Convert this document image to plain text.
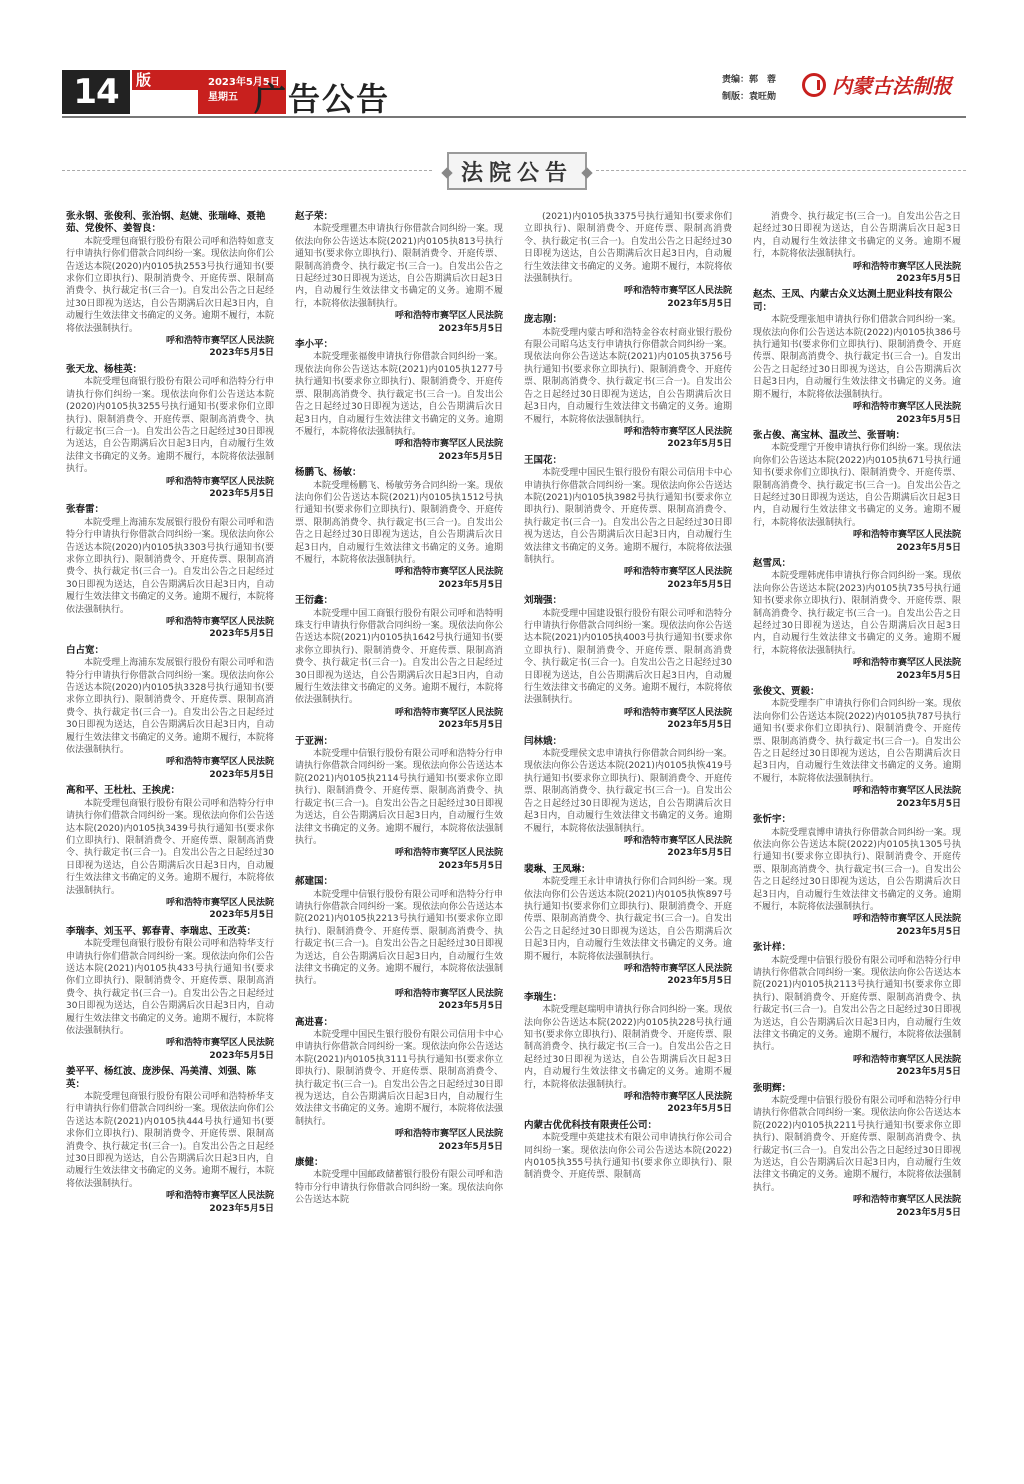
14 版	2023年5月5日
星期五 广告公告	责编：郭　蓉
制版：袁旺勋	内蒙古法制报
法院公告
张永钢、张俊利、张治钢、赵婕、张瑞峰、聂艳茹、党俊怀、姜智良：
本院受理包商银行股份有限公司呼和浩特如意支行申请执行你们借款合同纠纷一案。现依法向你们公告送达本院(2020)内0105执2553号执行通知书(要求你们立即执行)、限制消费令、开庭传票、限制高消费令、执行裁定书(三合一)。自发出公告之日起经过30日即视为送达，自公告期满后次日起3日内，自动履行生效法律文书确定的义务。逾期不履行，本院将依法强制执行。
呼和浩特市赛罕区人民法院
2023年5月5日
张天龙、杨桂英：
本院受理包商银行股份有限公司呼和浩特分行申请执行你们纠纷一案。现依法向你们公告送达本院(2020)内0105执3255号执行通知书(要求你们立即执行)、限制消费令、开庭传票、限制高消费令、执行裁定书(三合一)。自发出公告之日起经过30日即视为送达，自公告期满后次日起3日内，自动履行生效法律文书确定的义务。逾期不履行，本院将依法强制执行。
呼和浩特市赛罕区人民法院
2023年5月5日
张春雷：
本院受理上海浦东发展银行股份有限公司呼和浩特分行申请执行你借款合同纠纷一案。现依法向你公告送达本院(2020)内0105执3303号执行通知书(要求你立即执行)、限制消费令、开庭传票、限制高消费令、执行裁定书(三合一)。自发出公告之日起经过30日即视为送达，自公告期满后次日起3日内，自动履行生效法律文书确定的义务。逾期不履行，本院将依法强制执行。
呼和浩特市赛罕区人民法院
2023年5月5日
白占宽：
本院受理上海浦东发展银行股份有限公司呼和浩特分行申请执行你借款合同纠纷一案。现依法向你公告送达本院(2020)内0105执3328号执行通知书(要求你立即执行)、限制消费令、开庭传票、限制高消费令、执行裁定书(三合一)。自发出公告之日起经过30日即视为送达，自公告期满后次日起3日内，自动履行生效法律文书确定的义务。逾期不履行，本院将依法强制执行。
呼和浩特市赛罕区人民法院
2023年5月5日
高和平、王杜杜、王挨虎：
本院受理包商银行股份有限公司呼和浩特分行申请执行你们借款合同纠纷一案。现依法向你们公告送达本院(2020)内0105执3439号执行通知书(要求你们立即执行)、限制消费令、开庭传票、限制高消费令、执行裁定书(三合一)。自发出公告之日起经过30日即视为送达，自公告期满后次日起3日内，自动履行生效法律文书确定的义务。逾期不履行，本院将依法强制执行。
呼和浩特市赛罕区人民法院
2023年5月5日
李瑞李、刘玉平、郭春青、李瑞忠、王改英：
本院受理包商银行股份有限公司呼和浩特华支行申请执行你们借款合同纠纷一案。现依法向你们公告送达本院(2021)内0105执433号执行通知书(要求你们立即执行)、限制消费令、开庭传票、限制高消费令、执行裁定书(三合一)。自发出公告之日起经过30日即视为送达，自公告期满后次日起3日内，自动履行生效法律文书确定的义务。逾期不履行，本院将依法强制执行。
呼和浩特市赛罕区人民法院
2023年5月5日
姜平平、杨红波、庞涉保、冯美清、刘强、陈英：
本院受理包商银行股份有限公司呼和浩特桥华支行申请执行你们借款合同纠纷一案。现依法向你们公告送达本院(2021)内0105执444号执行通知书(要求你们立即执行)、限制消费令、开庭传票、限制高消费令、执行裁定书(三合一)。自发出公告之日起经过30日即视为送达，自公告期满后次日起3日内，自动履行生效法律文书确定的义务。逾期不履行，本院将依法强制执行。
呼和浩特市赛罕区人民法院
2023年5月5日
赵子荣：
本院受理瞿杰申请执行你借款合同纠纷一案。现依法向你公告送达本院(2021)内0105执813号执行通知书(要求你立即执行)、限制消费令、开庭传票、限制高消费令、执行裁定书(三合一)。自发出公告之日起经过30日即视为送达，自公告期满后次日起3日内，自动履行生效法律文书确定的义务。逾期不履行，本院将依法强制执行。
呼和浩特市赛罕区人民法院
2023年5月5日
李小平：
本院受理张福俊申请执行你借款合同纠纷一案。现依法向你公告送达本院(2021)内0105执1277号执行通知书(要求你立即执行)、限制消费令、开庭传票、限制高消费令、执行裁定书(三合一)。自发出公告之日起经过30日即视为送达，自公告期满后次日起3日内，自动履行生效法律文书确定的义务。逾期不履行，本院将依法强制执行。
呼和浩特市赛罕区人民法院
2023年5月5日
杨鹏飞、杨敏：
本院受理杨鹏飞、杨敏劳务合同纠纷一案。现依法向你们公告送达本院(2021)内0105执1512号执行通知书(要求你们立即执行)、限制消费令、开庭传票、限制高消费令、执行裁定书(三合一)。自发出公告之日起经过30日即视为送达，自公告期满后次日起3日内，自动履行生效法律文书确定的义务。逾期不履行，本院将依法强制执行。
呼和浩特市赛罕区人民法院
2023年5月5日
王衍鑫：
本院受理中国工商银行股份有限公司呼和浩特明珠支行申请执行你借款合同纠纷一案。现依法向你公告送达本院(2021)内0105执1642号执行通知书(要求你立即执行)、限制消费令、开庭传票、限制高消费令、执行裁定书(三合一)。自发出公告之日起经过30日即视为送达，自公告期满后次日起3日内，自动履行生效法律文书确定的义务。逾期不履行，本院将依法强制执行。
呼和浩特市赛罕区人民法院
2023年5月5日
于亚洲：
本院受理中信银行股份有限公司呼和浩特分行申请执行你借款合同纠纷一案。现依法向你公告送达本院(2021)内0105执2114号执行通知书(要求你立即执行)、限制消费令、开庭传票、限制高消费令、执行裁定书(三合一)。自发出公告之日起经过30日即视为送达，自公告期满后次日起3日内，自动履行生效法律文书确定的义务。逾期不履行，本院将依法强制执行。
呼和浩特市赛罕区人民法院
2023年5月5日
郝建国：
本院受理中信银行股份有限公司呼和浩特分行申请执行你借款合同纠纷一案。现依法向你公告送达本院(2021)内0105执2213号执行通知书(要求你立即执行)、限制消费令、开庭传票、限制高消费令、执行裁定书(三合一)。自发出公告之日起经过30日即视为送达，自公告期满后次日起3日内，自动履行生效法律文书确定的义务。逾期不履行，本院将依法强制执行。
呼和浩特市赛罕区人民法院
2023年5月5日
高进喜：
本院受理中国民生银行股份有限公司信用卡中心申请执行你借款合同纠纷一案。现依法向你公告送达本院(2021)内0105执3111号执行通知书(要求你立即执行)、限制消费令、开庭传票、限制高消费令、执行裁定书(三合一)。自发出公告之日起经过30日即视为送达，自公告期满后次日起3日内，自动履行生效法律文书确定的义务。逾期不履行，本院将依法强制执行。
呼和浩特市赛罕区人民法院
2023年5月5日
康健：
本院受理中国邮政储蓄银行股份有限公司呼和浩特市分行申请执行你借款合同纠纷一案。现依法向你公告送达本院
(2021)内0105执3375号执行通知书(要求你们立即执行)、限制消费令、开庭传票、限制高消费令、执行裁定书(三合一)。自发出公告之日起经过30日即视为送达，自公告期满后次日起3日内，自动履行生效法律文书确定的义务。逾期不履行，本院将依法强制执行。
呼和浩特市赛罕区人民法院
2023年5月5日
庞志刚：
本院受理内蒙古呼和浩特金谷农村商业银行股份有限公司昭乌达支行申请执行你借款合同纠纷一案。现依法向你公告送达本院(2021)内0105执3756号执行通知书(要求你立即执行)、限制消费令、开庭传票、限制高消费令、执行裁定书(三合一)。自发出公告之日起经过30日即视为送达，自公告期满后次日起3日内，自动履行生效法律文书确定的义务。逾期不履行，本院将依法强制执行。
呼和浩特市赛罕区人民法院
2023年5月5日
王国花：
本院受理中国民生银行股份有限公司信用卡中心申请执行你借款合同纠纷一案。现依法向你公告送达本院(2021)内0105执3982号执行通知书(要求你立即执行)、限制消费令、开庭传票、限制高消费令、执行裁定书(三合一)。自发出公告之日起经过30日即视为送达，自公告期满后次日起3日内，自动履行生效法律文书确定的义务。逾期不履行，本院将依法强制执行。
呼和浩特市赛罕区人民法院
2023年5月5日
刘瑞强：
本院受理中国建设银行股份有限公司呼和浩特分行申请执行你借款合同纠纷一案。现依法向你公告送达本院(2021)内0105执4003号执行通知书(要求你立即执行)、限制消费令、开庭传票、限制高消费令、执行裁定书(三合一)。自发出公告之日起经过30日即视为送达，自公告期满后次日起3日内，自动履行生效法律文书确定的义务。逾期不履行，本院将依法强制执行。
呼和浩特市赛罕区人民法院
2023年5月5日
闫林娥：
本院受理侯文忠申请执行你借款合同纠纷一案。现依法向你公告送达本院(2021)内0105执恢419号执行通知书(要求你立即执行)、限制消费令、开庭传票、限制高消费令、执行裁定书(三合一)。自发出公告之日起经过30日即视为送达，自公告期满后次日起3日内，自动履行生效法律文书确定的义务。逾期不履行，本院将依法强制执行。
呼和浩特市赛罕区人民法院
2023年5月5日
裴琳、王凤琳：
本院受理王永计申请执行你们合同纠纷一案。现依法向你们公告送达本院(2021)内0105执恢897号执行通知书(要求你们立即执行)、限制消费令、开庭传票、限制高消费令、执行裁定书(三合一)。自发出公告之日起经过30日即视为送达，自公告期满后次日起3日内，自动履行生效法律文书确定的义务。逾期不履行，本院将依法强制执行。
呼和浩特市赛罕区人民法院
2023年5月5日
李瑞生：
本院受理赵瑞明申请执行你合同纠纷一案。现依法向你公告送达本院(2022)内0105执228号执行通知书(要求你立即执行)、限制消费令、开庭传票、限制高消费令、执行裁定书(三合一)。自发出公告之日起经过30日即视为送达，自公告期满后次日起3日内，自动履行生效法律文书确定的义务。逾期不履行，本院将依法强制执行。
呼和浩特市赛罕区人民法院
2023年5月5日
内蒙古优优科技有限责任公司：
本院受理中英建技术有限公司申请执行你公司合同纠纷一案。现依法向你公司公告送达本院(2022)内0105执355号执行通知书(要求你立即执行)、限制消费令、开庭传票、限制高
消费令、执行裁定书(三合一)。自发出公告之日起经过30日即视为送达，自公告期满后次日起3日内，自动履行生效法律文书确定的义务。逾期不履行，本院将依法强制执行。
呼和浩特市赛罕区人民法院
2023年5月5日
赵杰、王凤、内蒙古众义达测土肥业科技有限公司：
本院受理张旭申请执行你们借款合同纠纷一案。现依法向你们公告送达本院(2022)内0105执386号执行通知书(要求你们立即执行)、限制消费令、开庭传票、限制高消费令、执行裁定书(三合一)。自发出公告之日起经过30日即视为送达，自公告期满后次日起3日内，自动履行生效法律文书确定的义务。逾期不履行，本院将依法强制执行。
呼和浩特市赛罕区人民法院
2023年5月5日
张占俊、高宝林、温改兰、张晋响：
本院受理宁开俊申请执行你们纠纷一案。现依法向你们公告送达本院(2022)内0105执671号执行通知书(要求你们立即执行)、限制消费令、开庭传票、限制高消费令、执行裁定书(三合一)。自发出公告之日起经过30日即视为送达，自公告期满后次日起3日内，自动履行生效法律文书确定的义务。逾期不履行，本院将依法强制执行。
呼和浩特市赛罕区人民法院
2023年5月5日
赵雪凤：
本院受理韩虎伟申请执行你合同纠纷一案。现依法向你公告送达本院(2023)内0105执735号执行通知书(要求你立即执行)、限制消费令、开庭传票、限制高消费令、执行裁定书(三合一)。自发出公告之日起经过30日即视为送达，自公告期满后次日起3日内，自动履行生效法律文书确定的义务。逾期不履行，本院将依法强制执行。
呼和浩特市赛罕区人民法院
2023年5月5日
张俊文、贾毅：
本院受理李广申请执行你们合同纠纷一案。现依法向你们公告送达本院(2022)内0105执787号执行通知书(要求你们立即执行)、限制消费令、开庭传票、限制高消费令、执行裁定书(三合一)。自发出公告之日起经过30日即视为送达，自公告期满后次日起3日内，自动履行生效法律文书确定的义务。逾期不履行，本院将依法强制执行。
呼和浩特市赛罕区人民法院
2023年5月5日
张忻宇：
本院受理袁博申请执行你借款合同纠纷一案。现依法向你公告送达本院(2022)内0105执1305号执行通知书(要求你立即执行)、限制消费令、开庭传票、限制高消费令、执行裁定书(三合一)。自发出公告之日起经过30日即视为送达，自公告期满后次日起3日内，自动履行生效法律文书确定的义务。逾期不履行，本院将依法强制执行。
呼和浩特市赛罕区人民法院
2023年5月5日
张计样：
本院受理中信银行股份有限公司呼和浩特分行申请执行你借款合同纠纷一案。现依法向你公告送达本院(2021)内0105执2113号执行通知书(要求你立即执行)、限制消费令、开庭传票、限制高消费令、执行裁定书(三合一)。自发出公告之日起经过30日即视为送达，自公告期满后次日起3日内，自动履行生效法律文书确定的义务。逾期不履行，本院将依法强制执行。
呼和浩特市赛罕区人民法院
2023年5月5日
张明辉：
本院受理中信银行股份有限公司呼和浩特分行申请执行你借款合同纠纷一案。现依法向你公告送达本院(2022)内0105执2211号执行通知书(要求你立即执行)、限制消费令、开庭传票、限制高消费令、执行裁定书(三合一)。自发出公告之日起经过30日即视为送达，自公告期满后次日起3日内，自动履行生效法律文书确定的义务。逾期不履行，本院将依法强制执行。
呼和浩特市赛罕区人民法院
2023年5月5日
